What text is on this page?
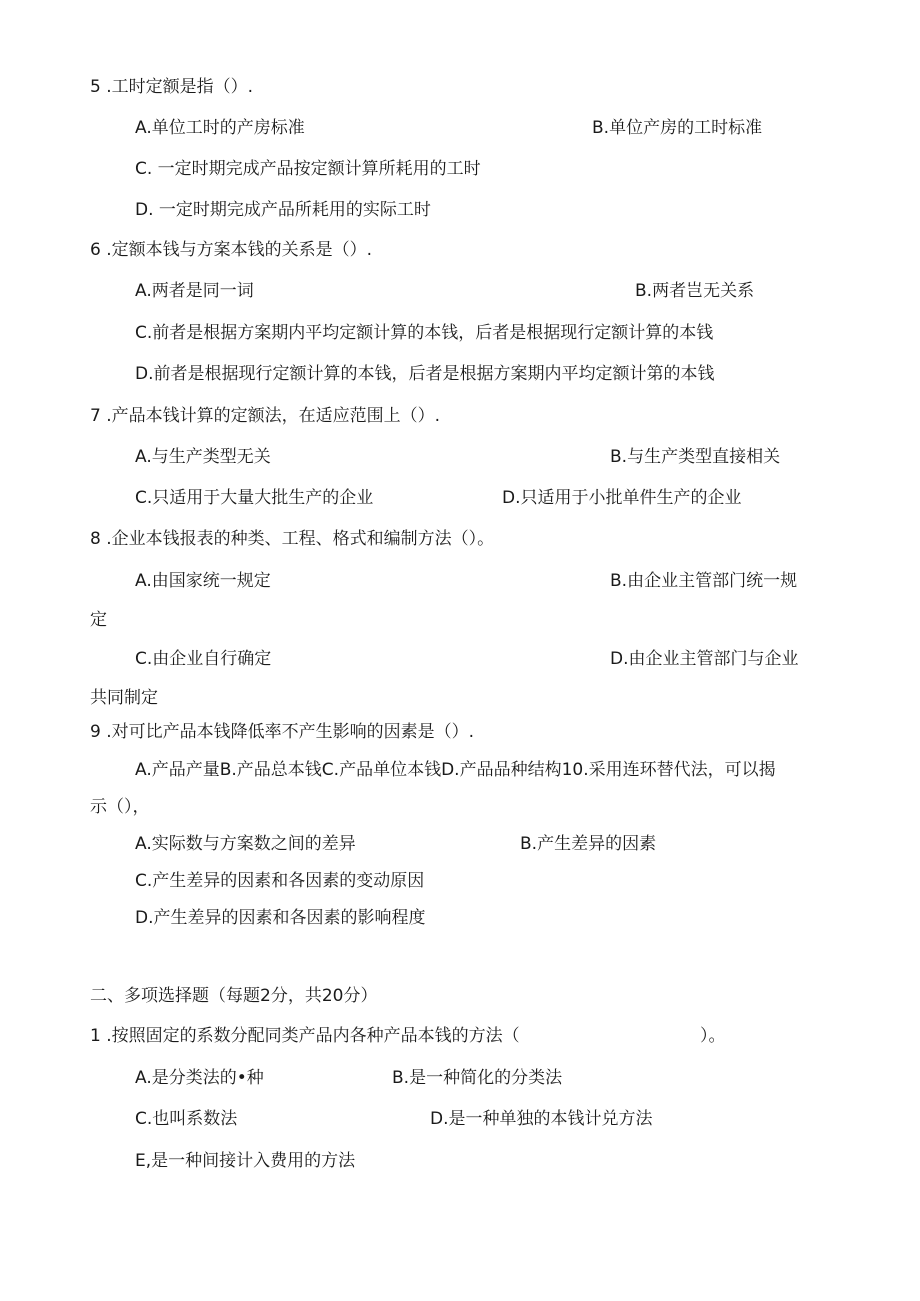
5 .工时定额是指（）.
A.单位工时的产房标准	B.单位产房的工时标准
C. 一定时期完成产品按定额计算所耗用的工时
D. 一定时期完成产品所耗用的实际工时
6 .定额本钱与方案本钱的关系是（）.
A.两者是同一词	B.两者岂无关系
C.前者是根据方案期内平均定额计算的本钱，后者是根据现行定额计算的本钱
D.前者是根据现行定额计算的本钱，后者是根据方案期内平均定额计第的本钱
7 .产品本钱计算的定额法，在适应范围上（）.
A.与生产类型无关	B.与生产类型直接相关
C.只适用于大量大批生产的企业	D.只适用于小批单件生产的企业
8 .企业本钱报表的种类、工程、格式和编制方法（）。
A.由国家统一规定	B.由企业主管部门统一规
定
C.由企业自行确定	D.由企业主管部门与企业
共同制定
9 .对可比产品本钱降低率不产生影响的因素是（）.
A.产品产量B.产品总本钱C.产品单位本钱D.产品品种结构10.采用连环替代法，可以揭
示（），
A.实际数与方案数之间的差异	B.产生差异的因素
C.产生差异的因素和各因素的变动原因
D.产生差异的因素和各因素的影响程度
二、多项选择题（每题2分，共20分）
1 .按照固定的系数分配同类产品内各种产品本钱的方法（	）。
A.是分类法的•种	B.是一种简化的分类法
C.也叫系数法	D.是一种单独的本钱计兑方法
E,是一种间接计入费用的方法
